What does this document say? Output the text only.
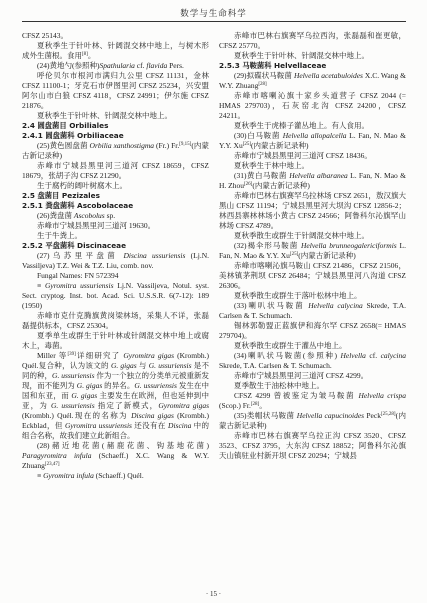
数学与生命科学

CFSZ 25143。

夏秋季生于针叶林、针阔混交林中地上，与树木形成外生菌根。食用[8]。

(24)黄地勺(参照种)Spathularia cf. flavida Pers.

呼伦贝尔市根河市满归九公里 CFSZ 11131，金林 CFSZ 11100-1；牙克石市伊图里河 CFSZ 25234，兴安盟阿尔山市白狼 CFSZ 4118，CFSZ 24991；伊尔施 CFSZ 21876。

夏秋季生于针叶林、针阔混交林中地上。

2.4 圆盘菌目 Orbiliales

2.4.1 圆盘菌科 Orbiliaceae

(25)黄色圆盘菌 Orbilia xanthostigma (Fr.) Fr.[9,15](内蒙古新记录种)

赤峰市宁城县黑里河三道河 CFSZ 18659，CFSZ 18679，张胡子沟 CFSZ 21290。

生于腐朽的阔叶树腐木上。

2.5 盘菌目 Pezizales

2.5.1 粪盘菌科 Ascobolaceae

(26)粪盘菌 Ascobolus sp.

赤峰市宁城县黑里河三道河 19630。

生于牛粪上。

2.5.2 平盘菌科 Discinaceae

(27)乌苏里平盘菌 Discina ussuriensis (Lj.N. Vassiljeva) T.Z. Wei & T.Z. Liu, comb. nov.

Fungal Names: FN 572394

≡ Gyromitra ussuriensis Lj.N. Vassiljeva, Notul. syst. Sect. cryptog. Inst. bot. Acad. Sci. U.S.S.R. 6(7-12): 189 (1950)

赤峰市克什克腾旗黄岗梁林场，采集人不详，张磊磊提供标本，CFSZ 25304。

夏季单生或群生于针叶林或针阔混交林中地上或腐木上，毒菌。

Miller 等[39]详细研究了 Gyromitra gigas (Krombh.) Quél.复合种，认为该文的 G. gigas 与 G. ussuriensis 是不同的种，G. ussuriensis 作为一个独立的分类单元被重新发现，而不能列为 G. gigas 的异名。G. ussuriensis 发生在中国和东亚，而 G. gigas 主要发生在欧洲，但也延伸到中亚，为 G. ussuriensis 指定了新模式，Gyromitra gigas (Krombh.) Quél.现在的名称为 Discina gigas (Krombh.) Eckblad，但 Gyromitra ussuriensis 还没有在 Discina 中的组合名称，故我们建立此新组合。

(28)赭近地花菌(赭鹿花菌、钩基地花菌) Paragyromitra infula (Schaeff.) X.C. Wang & W.Y. Zhuang[23,47]

≡ Gyromitra infula (Schaeff.) Quél.

赤峰市巴林右旗赛罕乌拉西沟，张磊磊和崔更敏，CFSZ 25770。

夏秋季生于针叶林、针阔混交林中地上。

2.5.3 马鞍菌科 Helvellaceae

(29)拟碟状马鞍菌 Helvella acetabuloides X.C. Wang & W.Y. Zhuang[28]

赤峰市喀喇沁旗十家乡头道营子 CFSZ 2044 (= HMAS 279703)，石灰窑北沟 CFSZ 24200，CFSZ 24211。

夏秋季生于虎榛子灌丛地上。有人食用。

(30)白马鞍菌 Helvella allopalcella L. Fan, N. Mao & Y.Y. Xu[25](内蒙古新记录种)

赤峰市宁城县黑里河三道河 CFSZ 18436。

夏秋季生于林中地上。

(31)黄白马鞍菌 Helvella albaranea L. Fan, N. Mao & H. Zhou[26](内蒙古新记录种)

赤峰市巴林右旗赛罕乌拉林场 CFSZ 2651，敖汉旗大黑山 CFSZ 11194；宁城县黑里河大坝沟 CFSZ 12856-2；林西县寨林林场小黄古 CFSZ 24566；阿鲁科尔沁旗罕山林场 CFSZ 4789。

夏秋季散生或群生于针阔混交林中地上。

(32)褐伞形马鞍菌 Helvella brunneogalericiformis L. Fan, N. Mao & Y.Y. Xu[25](内蒙古新记录种)

赤峰市喀喇沁旗马鞍山 CFSZ 21486，CFSZ 21506，美林镇茅荆坝 CFSZ 26484；宁城县黑里河八沟道 CFSZ 26306。

夏秋季散生或群生于落叶松林中地上。

(33)喇叭状马鞍菌 Helvella calycina Skrede, T.A. Carlsen & T. Schumach.

锡林郭勒盟正蓝旗伊和海尔罕 CFSZ 2658(= HMAS 279704)。

夏秋季散生或群生于灌丛中地上。

(34)喇叭状马鞍菌(参照种) Helvella cf. calycina Skrede, T.A. Carlsen & T. Schumach.

赤峰市宁城县黑里河三道河 CFSZ 4299。

夏季散生于油松林中地上。

CFSZ 4299 曾被鉴定为皱马鞍菌 Helvella crispa (Scop.) Fr.[28]。

(35)类帽状马鞍菌 Helvella capucinoides Peck[25,28](内蒙古新记录种)

赤峰市巴林右旗赛罕乌拉正沟 CFSZ 3520、CFSZ 3523、CFSZ 3795，大东沟 CFSZ 18852；阿鲁科尔沁旗天山镇驻业村新开坝 CFSZ 20294；宁城县

· 15 ·
